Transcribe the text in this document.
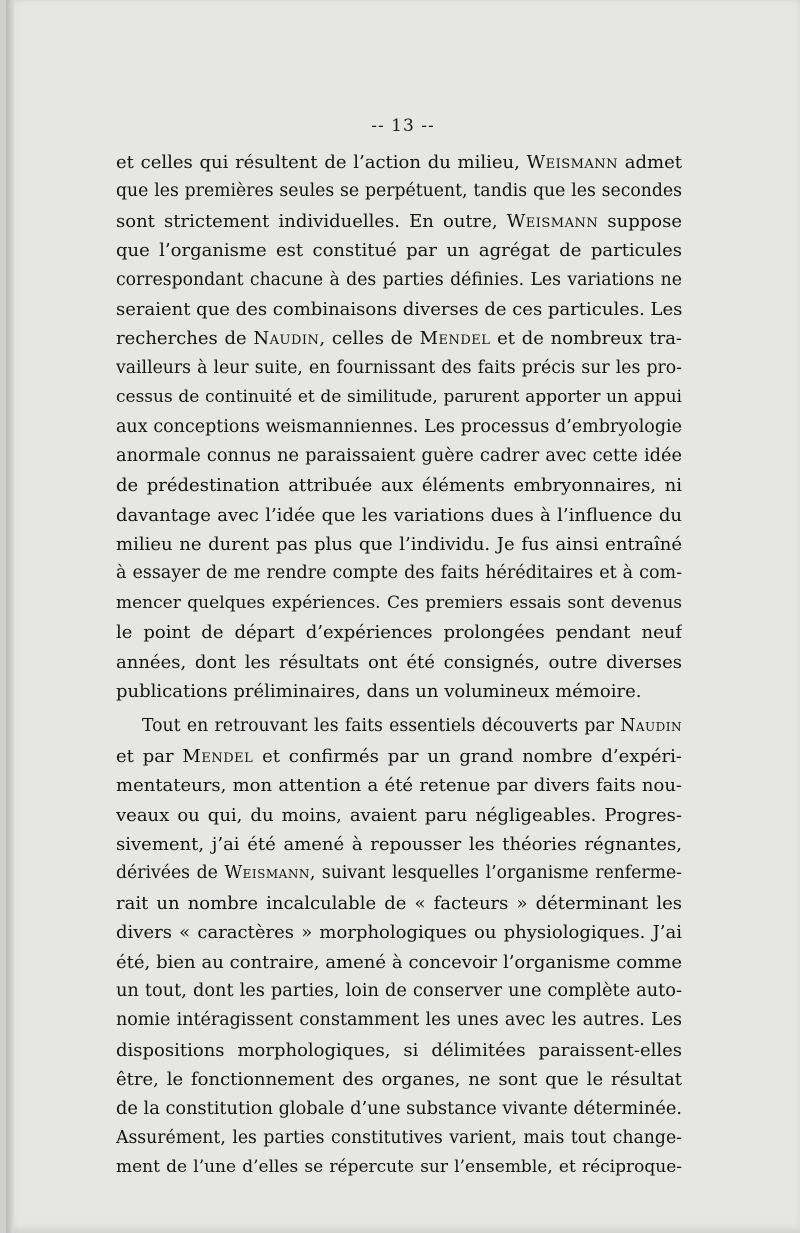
-- 13 --
et celles qui résultent de l’action du milieu, Weismann admet
que les premières seules se perpétuent, tandis que les secondes
sont strictement individuelles. En outre, Weismann suppose
que l’organisme est constitué par un agrégat de particules
correspondant chacune à des parties définies. Les variations ne
seraient que des combinaisons diverses de ces particules. Les
recherches de Naudin, celles de Mendel et de nombreux tra-
vailleurs à leur suite, en fournissant des faits précis sur les pro-
cessus de continuité et de similitude, parurent apporter un appui
aux conceptions weismanniennes. Les processus d’embryologie
anormale connus ne paraissaient guère cadrer avec cette idée
de prédestination attribuée aux éléments embryonnaires, ni
davantage avec l’idée que les variations dues à l’influence du
milieu ne durent pas plus que l’individu. Je fus ainsi entraîné
à essayer de me rendre compte des faits héréditaires et à com-
mencer quelques expériences. Ces premiers essais sont devenus
le point de départ d’expériences prolongées pendant neuf
années, dont les résultats ont été consignés, outre diverses
publications préliminaires, dans un volumineux mémoire.
Tout en retrouvant les faits essentiels découverts par Naudin
et par Mendel et confirmés par un grand nombre d’expéri-
mentateurs, mon attention a été retenue par divers faits nou-
veaux ou qui, du moins, avaient paru négligeables. Progres-
sivement, j’ai été amené à repousser les théories régnantes,
dérivées de Weismann, suivant lesquelles l’organisme renferme-
rait un nombre incalculable de « facteurs » déterminant les
divers « caractères » morphologiques ou physiologiques. J’ai
été, bien au contraire, amené à concevoir l’organisme comme
un tout, dont les parties, loin de conserver une complète auto-
nomie intéragissent constamment les unes avec les autres. Les
dispositions morphologiques, si délimitées paraissent-elles
être, le fonctionnement des organes, ne sont que le résultat
de la constitution globale d’une substance vivante déterminée.
Assurément, les parties constitutives varient, mais tout change-
ment de l’une d’elles se répercute sur l’ensemble, et réciproque-
